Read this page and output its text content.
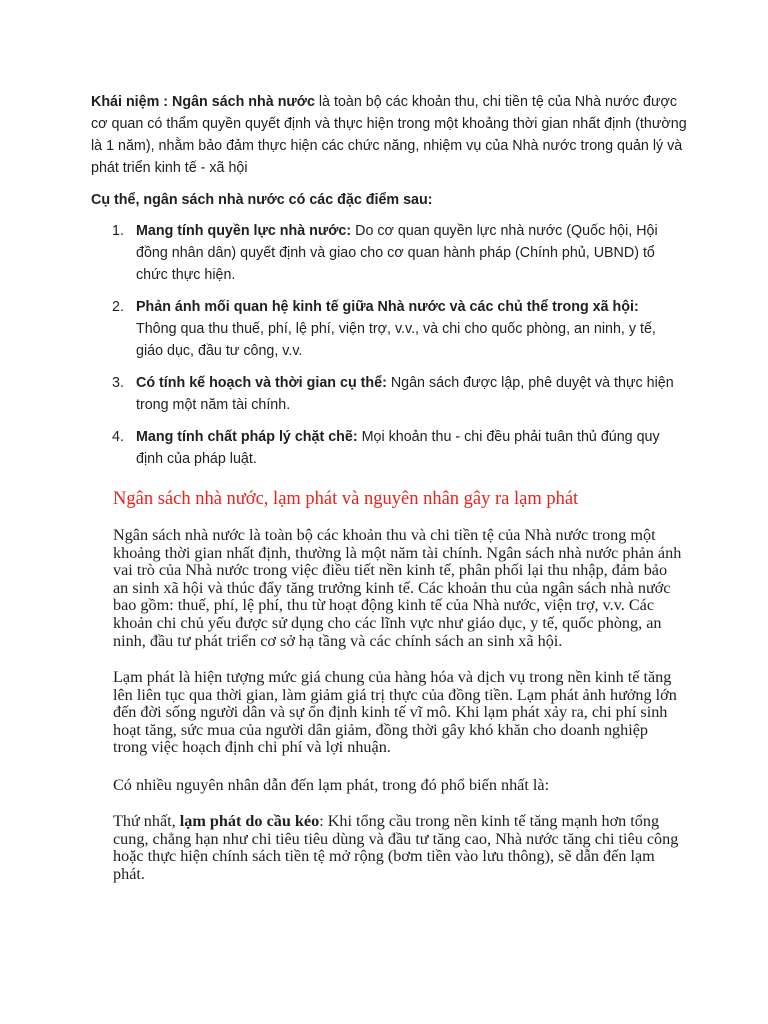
Khái niệm : Ngân sách nhà nước là toàn bộ các khoản thu, chi tiền tệ của Nhà nước được cơ quan có thẩm quyền quyết định và thực hiện trong một khoảng thời gian nhất định (thường là 1 năm), nhằm bảo đảm thực hiện các chức năng, nhiệm vụ của Nhà nước trong quản lý và phát triển kinh tế - xã hội

Cụ thể, ngân sách nhà nước có các đặc điểm sau:

1. Mang tính quyền lực nhà nước: Do cơ quan quyền lực nhà nước (Quốc hội, Hội đồng nhân dân) quyết định và giao cho cơ quan hành pháp (Chính phủ, UBND) tổ chức thực hiện.
2. Phản ánh mối quan hệ kinh tế giữa Nhà nước và các chủ thể trong xã hội: Thông qua thu thuế, phí, lệ phí, viện trợ, v.v., và chi cho quốc phòng, an ninh, y tế, giáo dục, đầu tư công, v.v.
3. Có tính kế hoạch và thời gian cụ thể: Ngân sách được lập, phê duyệt và thực hiện trong một năm tài chính.
4. Mang tính chất pháp lý chặt chẽ: Mọi khoản thu - chi đều phải tuân thủ đúng quy định của pháp luật.
Ngân sách nhà nước, lạm phát và nguyên nhân gây ra lạm phát

Ngân sách nhà nước là toàn bộ các khoản thu và chi tiền tệ của Nhà nước trong một khoảng thời gian nhất định, thường là một năm tài chính. Ngân sách nhà nước phản ánh vai trò của Nhà nước trong việc điều tiết nền kinh tế, phân phối lại thu nhập, đảm bảo an sinh xã hội và thúc đẩy tăng trưởng kinh tế. Các khoản thu của ngân sách nhà nước bao gồm: thuế, phí, lệ phí, thu từ hoạt động kinh tế của Nhà nước, viện trợ, v.v. Các khoản chi chủ yếu được sử dụng cho các lĩnh vực như giáo dục, y tế, quốc phòng, an ninh, đầu tư phát triển cơ sở hạ tầng và các chính sách an sinh xã hội.

Lạm phát là hiện tượng mức giá chung của hàng hóa và dịch vụ trong nền kinh tế tăng lên liên tục qua thời gian, làm giảm giá trị thực của đồng tiền. Lạm phát ảnh hưởng lớn đến đời sống người dân và sự ổn định kinh tế vĩ mô. Khi lạm phát xảy ra, chi phí sinh hoạt tăng, sức mua của người dân giảm, đồng thời gây khó khăn cho doanh nghiệp trong việc hoạch định chi phí và lợi nhuận.

Có nhiều nguyên nhân dẫn đến lạm phát, trong đó phổ biến nhất là:

Thứ nhất, lạm phát do cầu kéo: Khi tổng cầu trong nền kinh tế tăng mạnh hơn tổng cung, chẳng hạn như chi tiêu tiêu dùng và đầu tư tăng cao, Nhà nước tăng chi tiêu công hoặc thực hiện chính sách tiền tệ mở rộng (bơm tiền vào lưu thông), sẽ dẫn đến lạm phát.
